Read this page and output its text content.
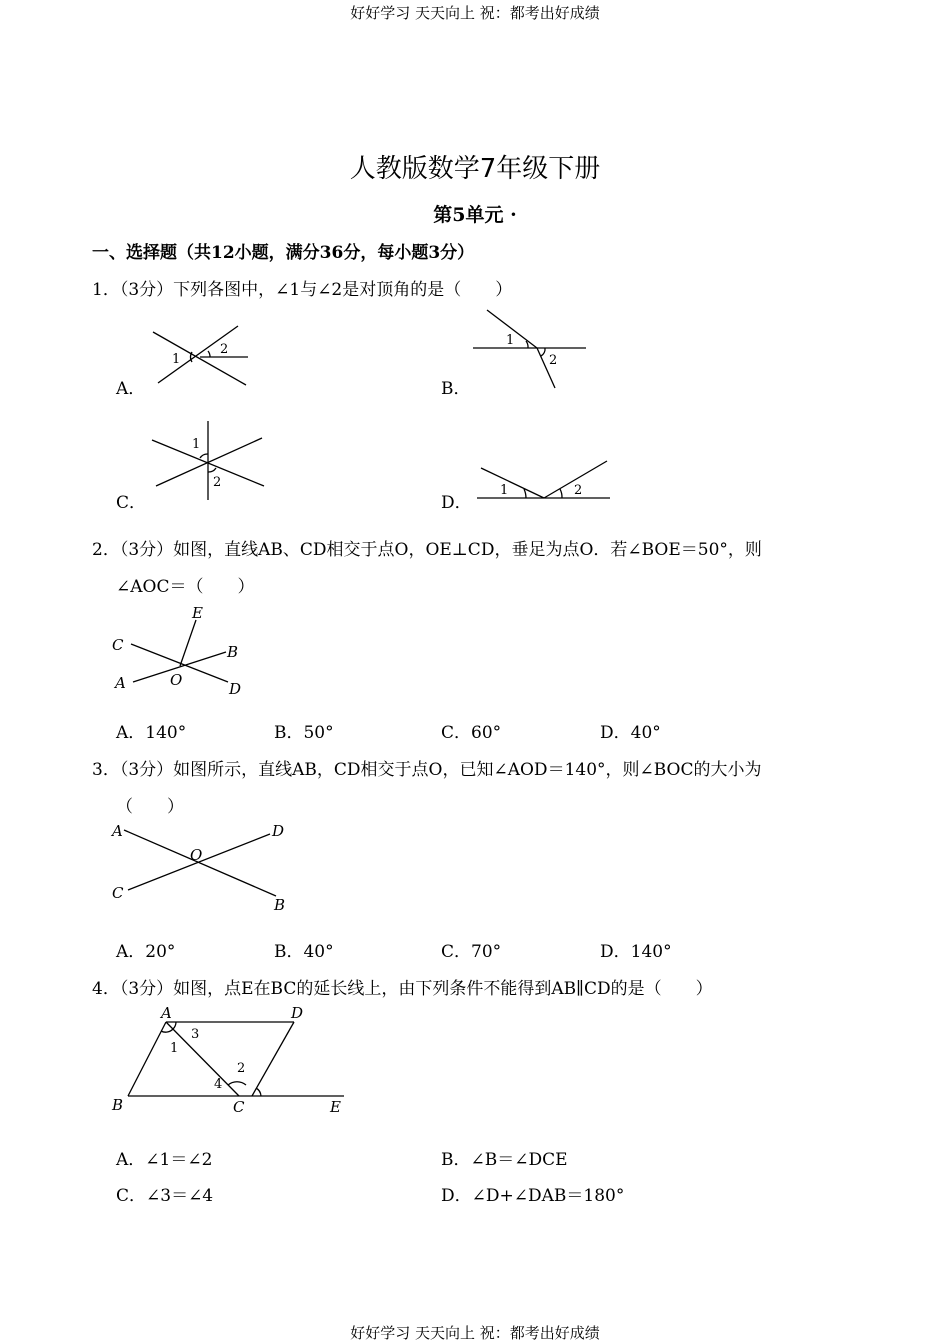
好好学习 天天向上 祝：都考出好成绩
人教版数学7年级下册
第5单元 ·
一、选择题（共12小题，满分36分，每小题3分）
1．（3分）下列各图中，∠1与∠2是对顶角的是（　　）
A．
1
2
B．
1
2
C．
1
2
D．
1	2
2．（3分）如图，直线AB、CD相交于点O，OE⊥CD，垂足为点O．若∠BOE＝50°，则
∠AOC＝（　　）
C
E
B
A	O	D
A．140°	B．50°	C．60°	D．40°
3．（3分）如图所示，直线AB，CD相交于点O，已知∠AOD＝140°，则∠BOC的大小为
（　　）
A	D
O
C
B
A．20°	B．40°	C．70°	D．140°
4．（3分）如图，点E在BC的延长线上，由下列条件不能得到AB∥CD的是（　　）
A	D
B	C	E
1
3
4
2
A．∠1＝∠2	B．∠B＝∠DCE
C．∠3＝∠4	D．∠D+∠DAB＝180°
好好学习 天天向上 祝：都考出好成绩
